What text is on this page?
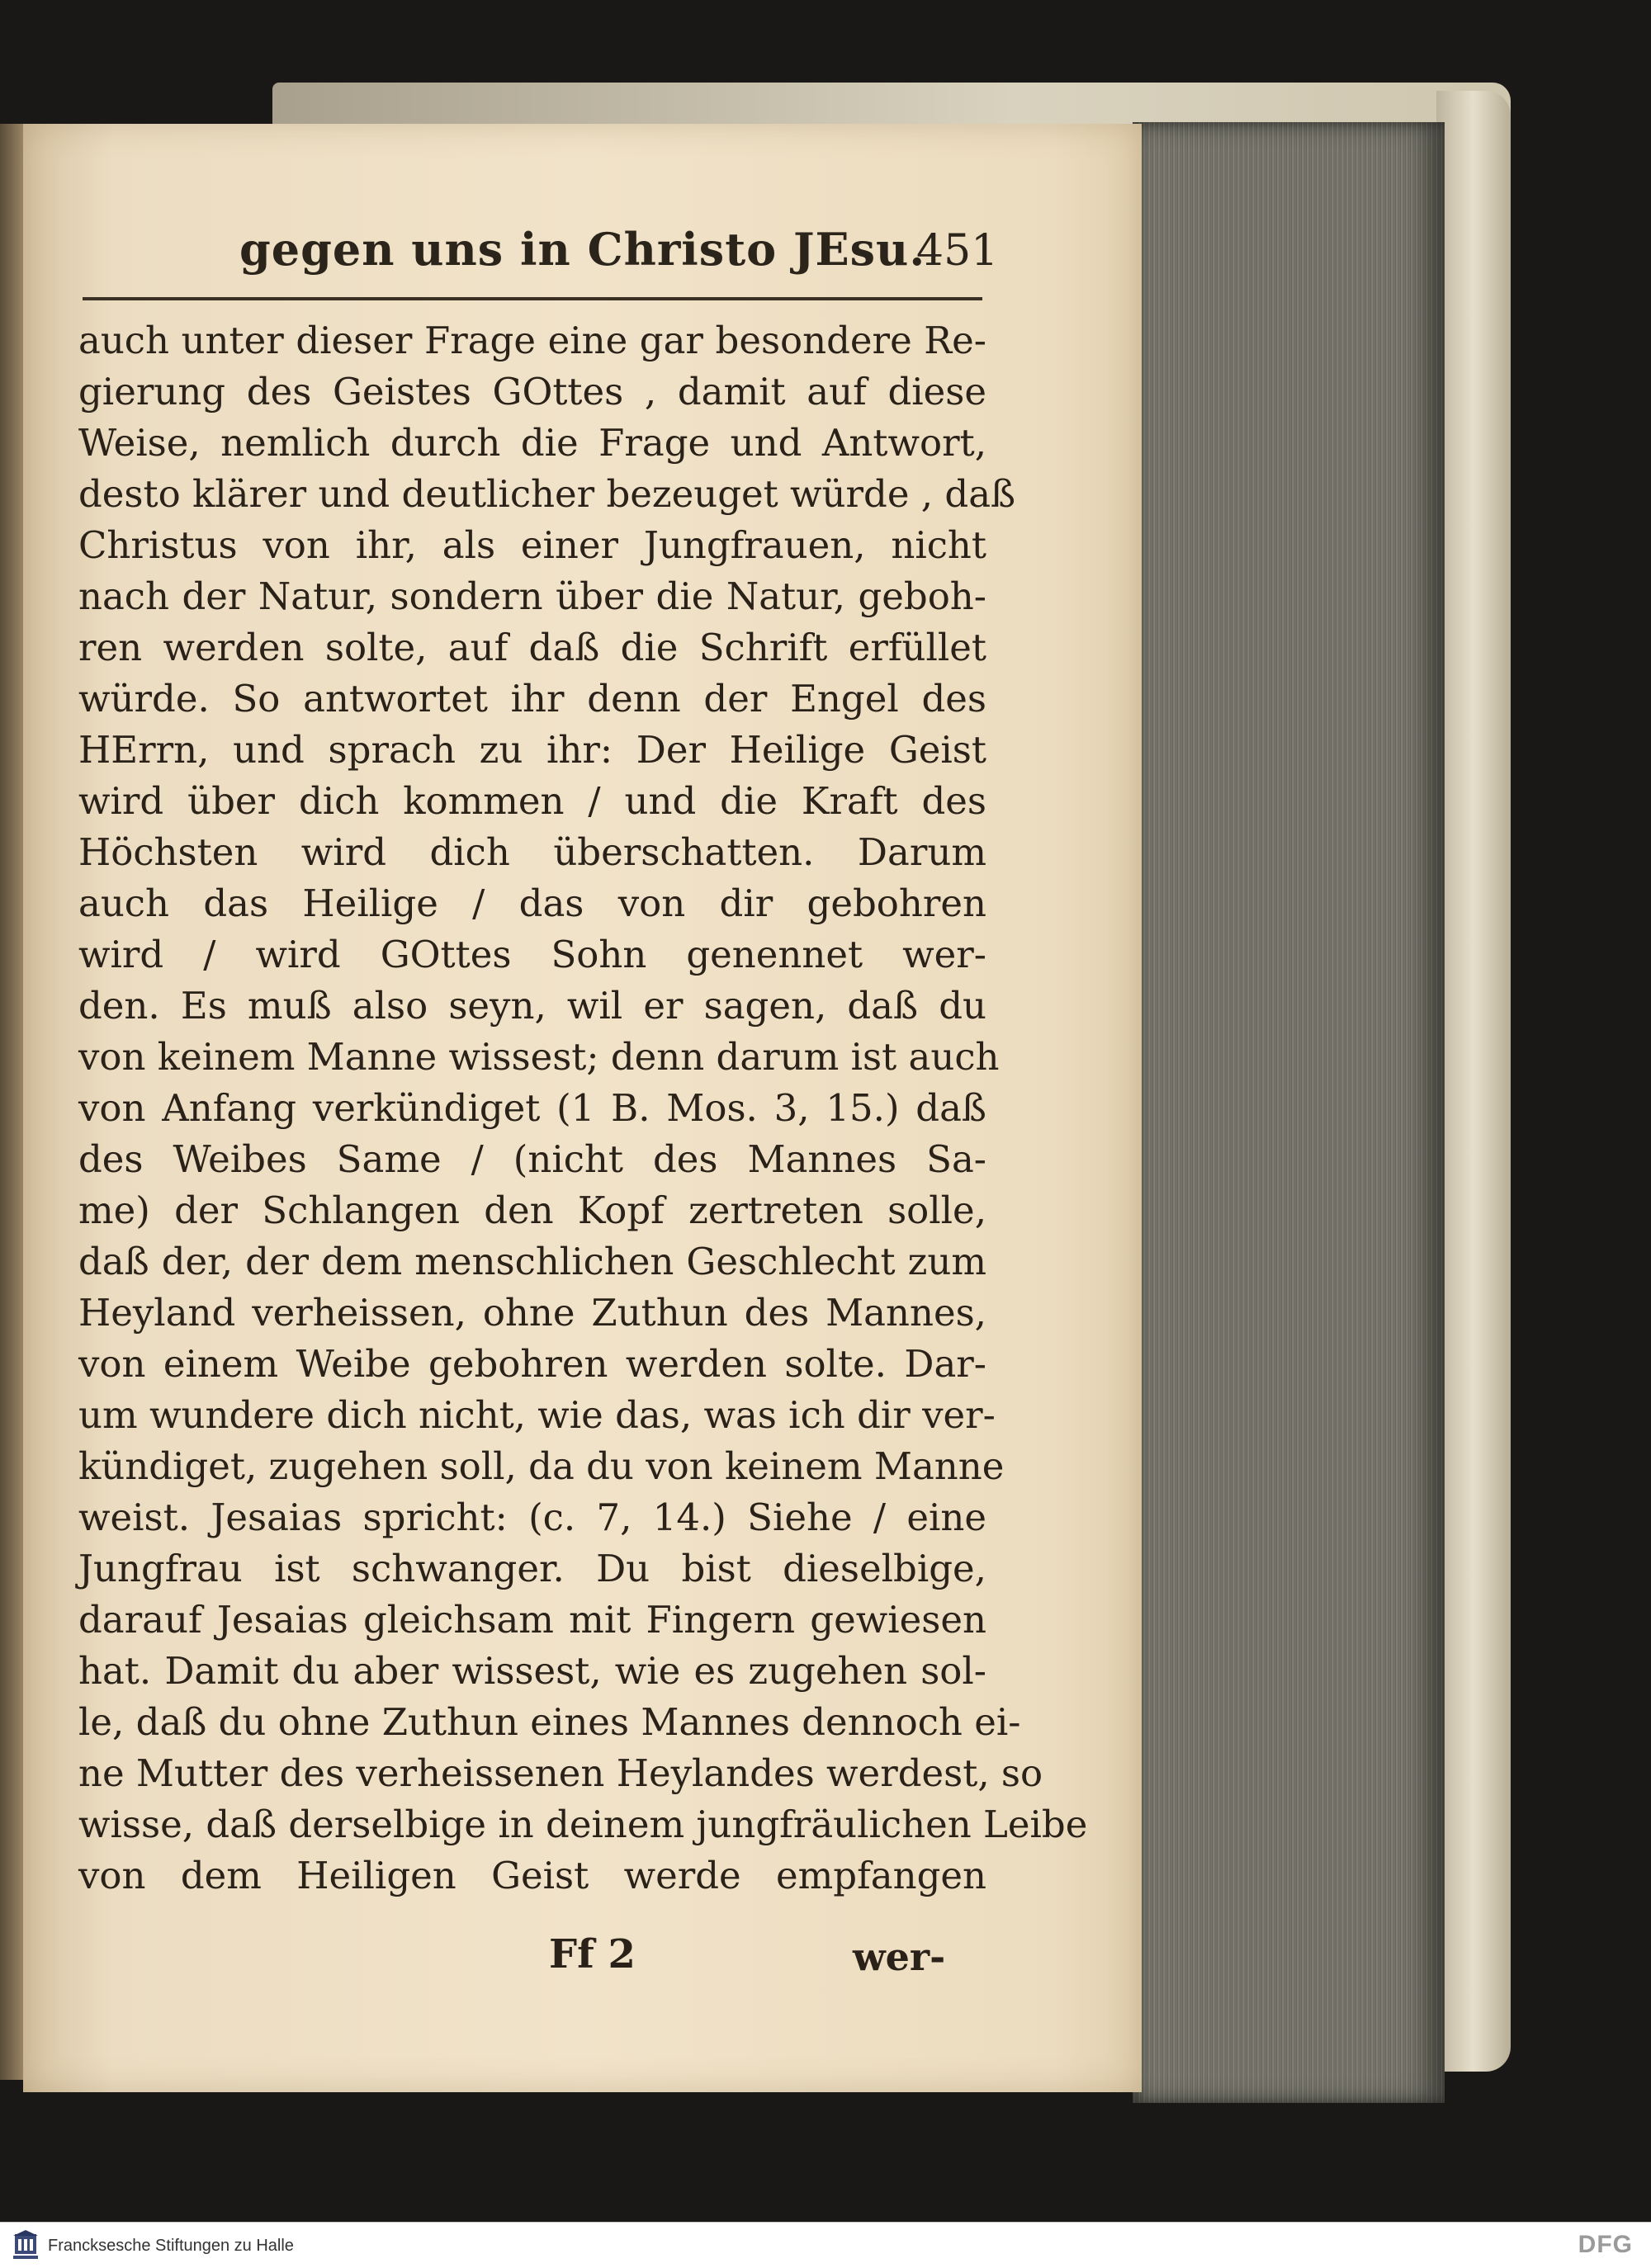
gegen uns in Christo JEsu.
451
auch unter dieser Frage eine gar besondere Re-
gierung des Geistes GOttes , damit auf diese
Weise, nemlich durch die Frage und Antwort,
desto klärer und deutlicher bezeuget würde , daß
Christus von ihr, als einer Jungfrauen, nicht
nach der Natur, sondern über die Natur, geboh-
ren werden solte, auf daß die Schrift erfüllet
würde. So antwortet ihr denn der Engel des
HErrn, und sprach zu ihr: Der Heilige Geist
wird über dich kommen / und die Kraft des
Höchsten wird dich überschatten. Darum
auch das Heilige / das von dir gebohren
wird / wird GOttes Sohn genennet wer-
den. Es muß also seyn, wil er sagen, daß du
von keinem Manne wissest; denn darum ist auch
von Anfang verkündiget (1 B. Mos. 3, 15.) daß
des Weibes Same / (nicht des Mannes Sa-
me) der Schlangen den Kopf zertreten solle,
daß der, der dem menschlichen Geschlecht zum
Heyland verheissen, ohne Zuthun des Mannes,
von einem Weibe gebohren werden solte. Dar-
um wundere dich nicht, wie das, was ich dir ver-
kündiget, zugehen soll, da du von keinem Manne
weist. Jesaias spricht: (c. 7, 14.) Siehe / eine
Jungfrau ist schwanger. Du bist dieselbige,
darauf Jesaias gleichsam mit Fingern gewiesen
hat. Damit du aber wissest, wie es zugehen sol-
le, daß du ohne Zuthun eines Mannes dennoch ei-
ne Mutter des verheissenen Heylandes werdest, so
wisse, daß derselbige in deinem jungfräulichen Leibe
von dem Heiligen Geist werde empfangen
Ff 2	wer-
Francksesche Stiftungen zu Halle	DFG
